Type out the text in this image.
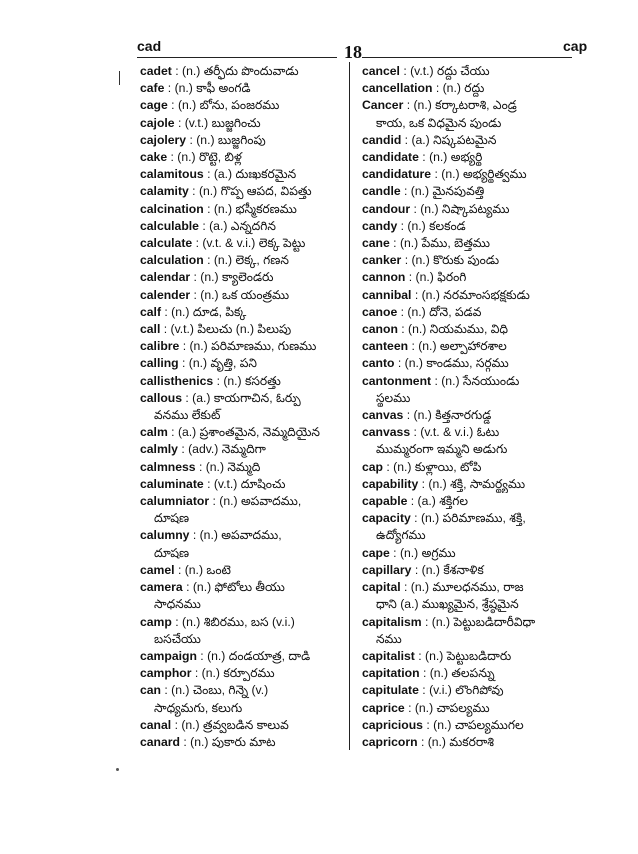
cad	18	cap
cadet : (n.) తర్ఫీదు పొందువాడు
cafe : (n.) కాఫీ అంగడి
cage : (n.) బోను, పంజరము
cajole : (v.t.) బుజ్జగించు
cajolery : (n.) బుజ్జగింపు
cake : (n.) రొట్టె, బిళ్ల
calamitous : (a.) దుఃఖకరమైన
calamity : (n.) గొప్ప ఆపద, విపత్తు
calcination : (n.) భస్మీకరణము
calculable : (a.) ఎన్నదగిన
calculate : (v.t. & v.i.) లెక్క పెట్టు
calculation : (n.) లెక్క, గణన
calendar : (n.) క్యాలెండరు
calender : (n.) ఒక యంత్రము
calf : (n.) దూడ, పిక్క
call : (v.t.) పిలుచు (n.) పిలుపు
calibre : (n.) పరిమాణము, గుణము
calling : (n.) వృత్తి, పని
callisthenics : (n.) కసరత్తు
callous : (a.) కాయగాచిన, ఓర్పు
వనము లేకుట్
calm : (a.) ప్రశాంతమైన, నెమ్మదియైన
calmly : (adv.) నెమ్మదిగా
calmness : (n.) నెమ్మది
caluminate : (v.t.) దూషించు
calumniator : (n.) అపవాదము,
దూషణ
calumny : (n.) అపవాదము,
దూషణ
camel : (n.) ఒంటె
camera : (n.) ఫోటోలు తీయు
సాధనము
camp : (n.) శిబిరము, బస (v.i.)
బసచేయు
campaign : (n.) దండయాత్ర, దాడి
camphor : (n.) కర్పూరము
can : (n.) చెంబు, గిన్నె (v.)
సాధ్యమగు, కలుగు
canal : (n.) త్రవ్వబడిన కాలువ
canard : (n.) పుకారు మాట
cancel : (v.t.) రద్దు చేయు
cancellation : (n.) రద్దు
Cancer : (n.) కర్కాటరాశి, ఎండ్ర
కాయ, ఒక విధమైన పుండు
candid : (a.) నిష్కపటమైన
candidate : (n.) అభ్యర్థి
candidature : (n.) అభ్యర్థిత్వము
candle : (n.) మైనపువత్తి
candour : (n.) నిష్కాపట్యము
candy : (n.) కలకండ
cane : (n.) పేము, బెత్తము
canker : (n.) కొరుకు పుండు
cannon : (n.) ఫిరంగి
cannibal : (n.) నరమాంసభక్షకుడు
canoe : (n.) దోనె, పడవ
canon : (n.) నియమము, విధి
canteen : (n.) అల్పాహారశాల
canto : (n.) కాండము, సర్గము
cantonment : (n.) సేనయుండు
స్థలము
canvas : (n.) కిత్తనారగుడ్డ
canvass : (v.t. & v.i.) ఓటు
ముమ్మరంగా ఇమ్మని అడుగు
cap : (n.) కుళ్లాయి, టోపి
capability : (n.) శక్తి, సామర్థ్యము
capable : (a.) శక్తిగల
capacity : (n.) పరిమాణము, శక్తి,
ఉద్యోగము
cape : (n.) అగ్రము
capillary : (n.) కేశనాళిక
capital : (n.) మూలధనము, రాజ
ధాని (a.) ముఖ్యమైన, శ్రేష్ఠమైన
capitalism : (n.) పెట్టుబడిదారీవిధా
నము
capitalist : (n.) పెట్టుబడిదారు
capitation : (n.) తలపన్ను
capitulate : (v.i.) లొంగిపోవు
caprice : (n.) చాపల్యము
capricious : (n.) చాపల్యముగల
capricorn : (n.) మకరరాశి
